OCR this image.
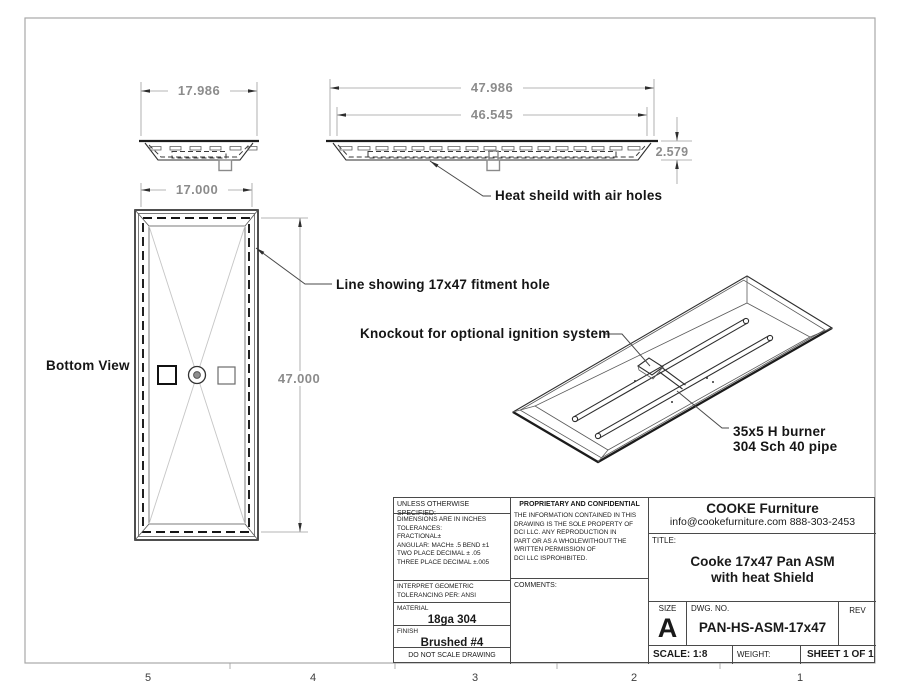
5	4	3	2	1
17.986	47.986
46.545
2.579
Heat sheild with air holes
17.000
47.000
Bottom View
Line showing 17x47 fitment hole
Knockout for optional ignition system
35x5 H burner
304 Sch 40 pipe
UNLESS OTHERWISE SPECIFIED:
DIMENSIONS ARE IN INCHES
TOLERANCES:
FRACTIONAL±
ANGULAR: MACH± .5 BEND ±1
TWO PLACE DECIMAL ± .05
THREE PLACE DECIMAL ±.005
INTERPRET GEOMETRIC
TOLERANCING PER: ANSI
MATERIAL
18ga 304
FINISH
Brushed #4
DO NOT SCALE DRAWING
PROPRIETARY AND CONFIDENTIAL
THE INFORMATION CONTAINED IN THIS
DRAWING IS THE SOLE PROPERTY OF
DCI LLC. ANY REPRODUCTION IN
PART OR AS A WHOLEWITHOUT THE
WRITTEN PERMISSION OF
DCI LLC ISPROHIBITED.
COMMENTS:
COOKE Furniture
info@cookefurniture.com 888-303-2453
TITLE:
Cooke 17x47 Pan ASM
with heat Shield
SIZE
A
DWG. NO.
PAN-HS-ASM-17x47
REV
SCALE: 1:8	WEIGHT:	SHEET 1 OF 1
